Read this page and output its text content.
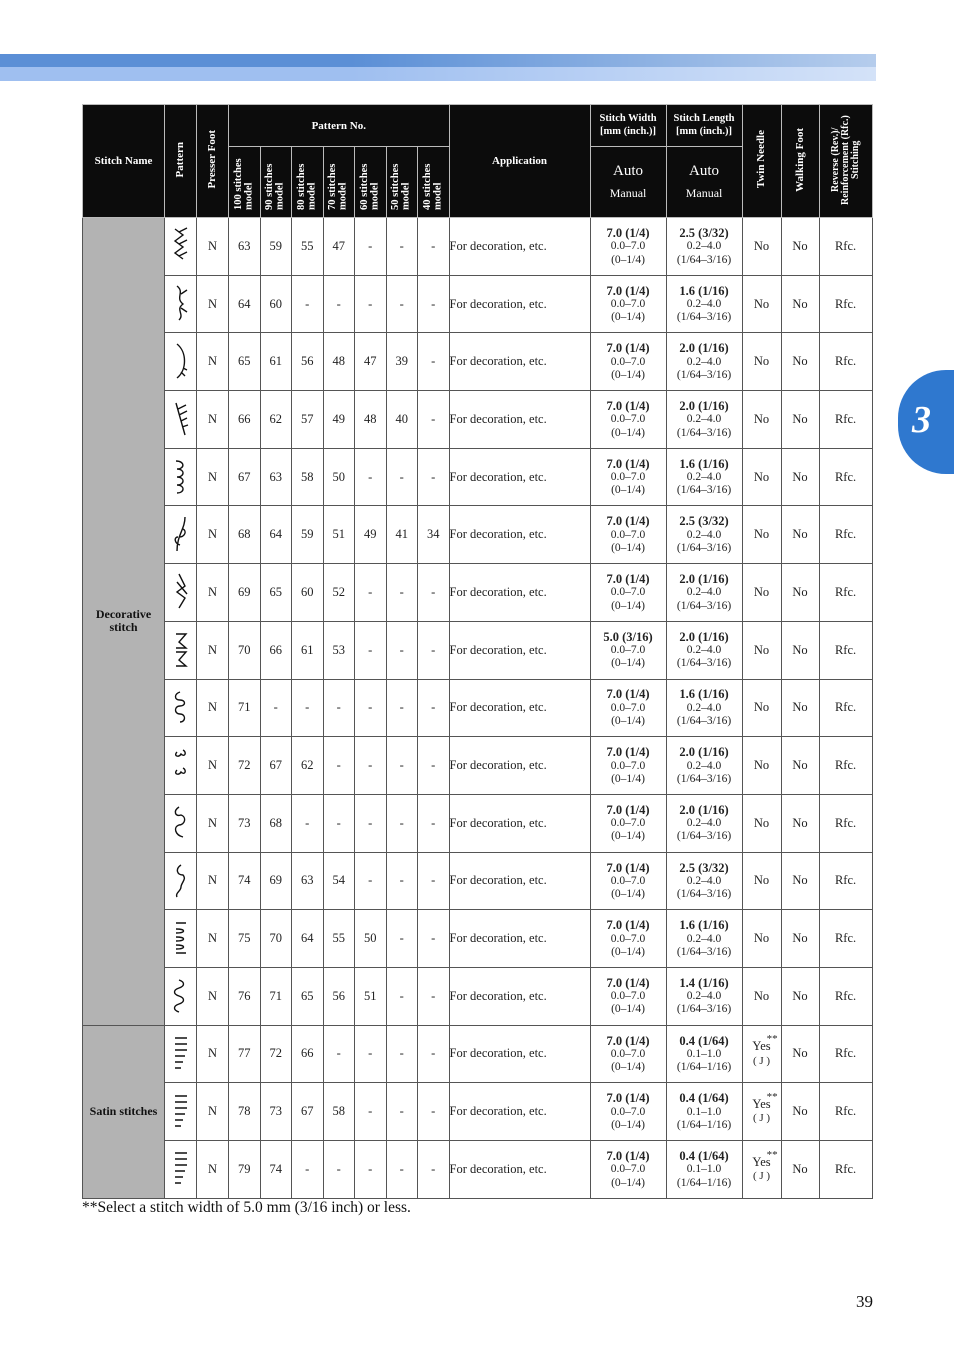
3
Stitch Name	Pattern	Presser Foot	Pattern No.							Application	Stitch Width [mm (inch.)]	Stitch Length [mm (inch.)]	Twin Needle	Walking Foot	Reverse (Rev.)/ Reinforcement (Rfc.) Stitching
			100 stitches model	90 stitches model	80 stitches model	70 stitches model	60 stitches model	50 stitches model	40 stitches model		Auto
Manual	Auto
Manual			

Decorative stitch		N	63	59	55	47	-	-	-	For decoration, etc.	7.0 (1/4)
0.0–7.0
(0–1/4)	2.5 (3/32)
0.2–4.0
(1/64–3/16)	No	No	Rfc.

	N	64	60	-	-	-	-	-	For decoration, etc.	7.0 (1/4)
0.0–7.0
(0–1/4)	1.6 (1/16)
0.2–4.0
(1/64–3/16)	No	No	Rfc.

	N	65	61	56	48	47	39	-	For decoration, etc.	7.0 (1/4)
0.0–7.0
(0–1/4)	2.0 (1/16)
0.2–4.0
(1/64–3/16)	No	No	Rfc.

	N	66	62	57	49	48	40	-	For decoration, etc.	7.0 (1/4)
0.0–7.0
(0–1/4)	2.0 (1/16)
0.2–4.0
(1/64–3/16)	No	No	Rfc.

	N	67	63	58	50	-	-	-	For decoration, etc.	7.0 (1/4)
0.0–7.0
(0–1/4)	1.6 (1/16)
0.2–4.0
(1/64–3/16)	No	No	Rfc.

	N	68	64	59	51	49	41	34	For decoration, etc.	7.0 (1/4)
0.0–7.0
(0–1/4)	2.5 (3/32)
0.2–4.0
(1/64–3/16)	No	No	Rfc.

	N	69	65	60	52	-	-	-	For decoration, etc.	7.0 (1/4)
0.0–7.0
(0–1/4)	2.0 (1/16)
0.2–4.0
(1/64–3/16)	No	No	Rfc.

	N	70	66	61	53	-	-	-	For decoration, etc.	5.0 (3/16)
0.0–7.0
(0–1/4)	2.0 (1/16)
0.2–4.0
(1/64–3/16)	No	No	Rfc.

	N	71	-	-	-	-	-	-	For decoration, etc.	7.0 (1/4)
0.0–7.0
(0–1/4)	1.6 (1/16)
0.2–4.0
(1/64–3/16)	No	No	Rfc.

	N	72	67	62	-	-	-	-	For decoration, etc.	7.0 (1/4)
0.0–7.0
(0–1/4)	2.0 (1/16)
0.2–4.0
(1/64–3/16)	No	No	Rfc.

	N	73	68	-	-	-	-	-	For decoration, etc.	7.0 (1/4)
0.0–7.0
(0–1/4)	2.0 (1/16)
0.2–4.0
(1/64–3/16)	No	No	Rfc.

	N	74	69	63	54	-	-	-	For decoration, etc.	7.0 (1/4)
0.0–7.0
(0–1/4)	2.5 (3/32)
0.2–4.0
(1/64–3/16)	No	No	Rfc.

	N	75	70	64	55	50	-	-	For decoration, etc.	7.0 (1/4)
0.0–7.0
(0–1/4)	1.6 (1/16)
0.2–4.0
(1/64–3/16)	No	No	Rfc.

	N	76	71	65	56	51	-	-	For decoration, etc.	7.0 (1/4)
0.0–7.0
(0–1/4)	1.4 (1/16)
0.2–4.0
(1/64–3/16)	No	No	Rfc.
Satin stitches		N	77	72	66	-	-	-	-	For decoration, etc.	7.0 (1/4)
0.0–7.0
(0–1/4)	0.4 (1/64)
0.1–1.0
(1/64–1/16)	Yes
**

( J )	No	Rfc.

	N	78	73	67	58	-	-	-	For decoration, etc.	7.0 (1/4)
0.0–7.0
(0–1/4)	0.4 (1/64)
0.1–1.0
(1/64–1/16)	Yes
**

( J )	No	Rfc.

	N	79	74	-	-	-	-	-	For decoration, etc.	7.0 (1/4)
0.0–7.0
(0–1/4)	0.4 (1/64)
0.1–1.0
(1/64–1/16)	Yes
**

( J )	No	Rfc.
**Select a stitch width of 5.0 mm (3/16 inch) or less.
39
